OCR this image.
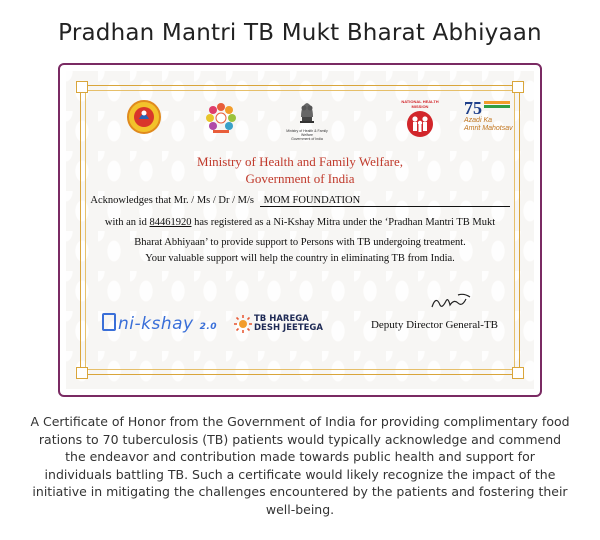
Pradhan Mantri TB Mukt Bharat Abhiyaan
Ministry of Health & Family Welfare
Government of India
NATIONAL HEALTH MISSION	75
Azadi Ka
Amrit Mahotsav
Ministry of Health and Family Welfare,
Government of India
Acknowledges that Mr. / Ms / Dr / M/s MOM FOUNDATION
with an id 84461920 has registered as a Ni-Kshay Mitra under the ‘Pradhan Mantri TB Mukt
Bharat Abhiyaan’ to provide support to Persons with TB undergoing treatment.
Your valuable support will help the country in eliminating TB from India.
ni-kshay 2.0
TB HAREGA
DESH JEETEGA	Deputy Director General-TB
A Certificate of Honor from the Government of India for providing complimentary food rations to 70 tuberculosis (TB) patients would typically acknowledge and commend the endeavor and contribution made towards public health and support for individuals battling TB. Such a certificate would likely recognize the impact of the initiative in mitigating the challenges encountered by the patients and fostering their well-being.
